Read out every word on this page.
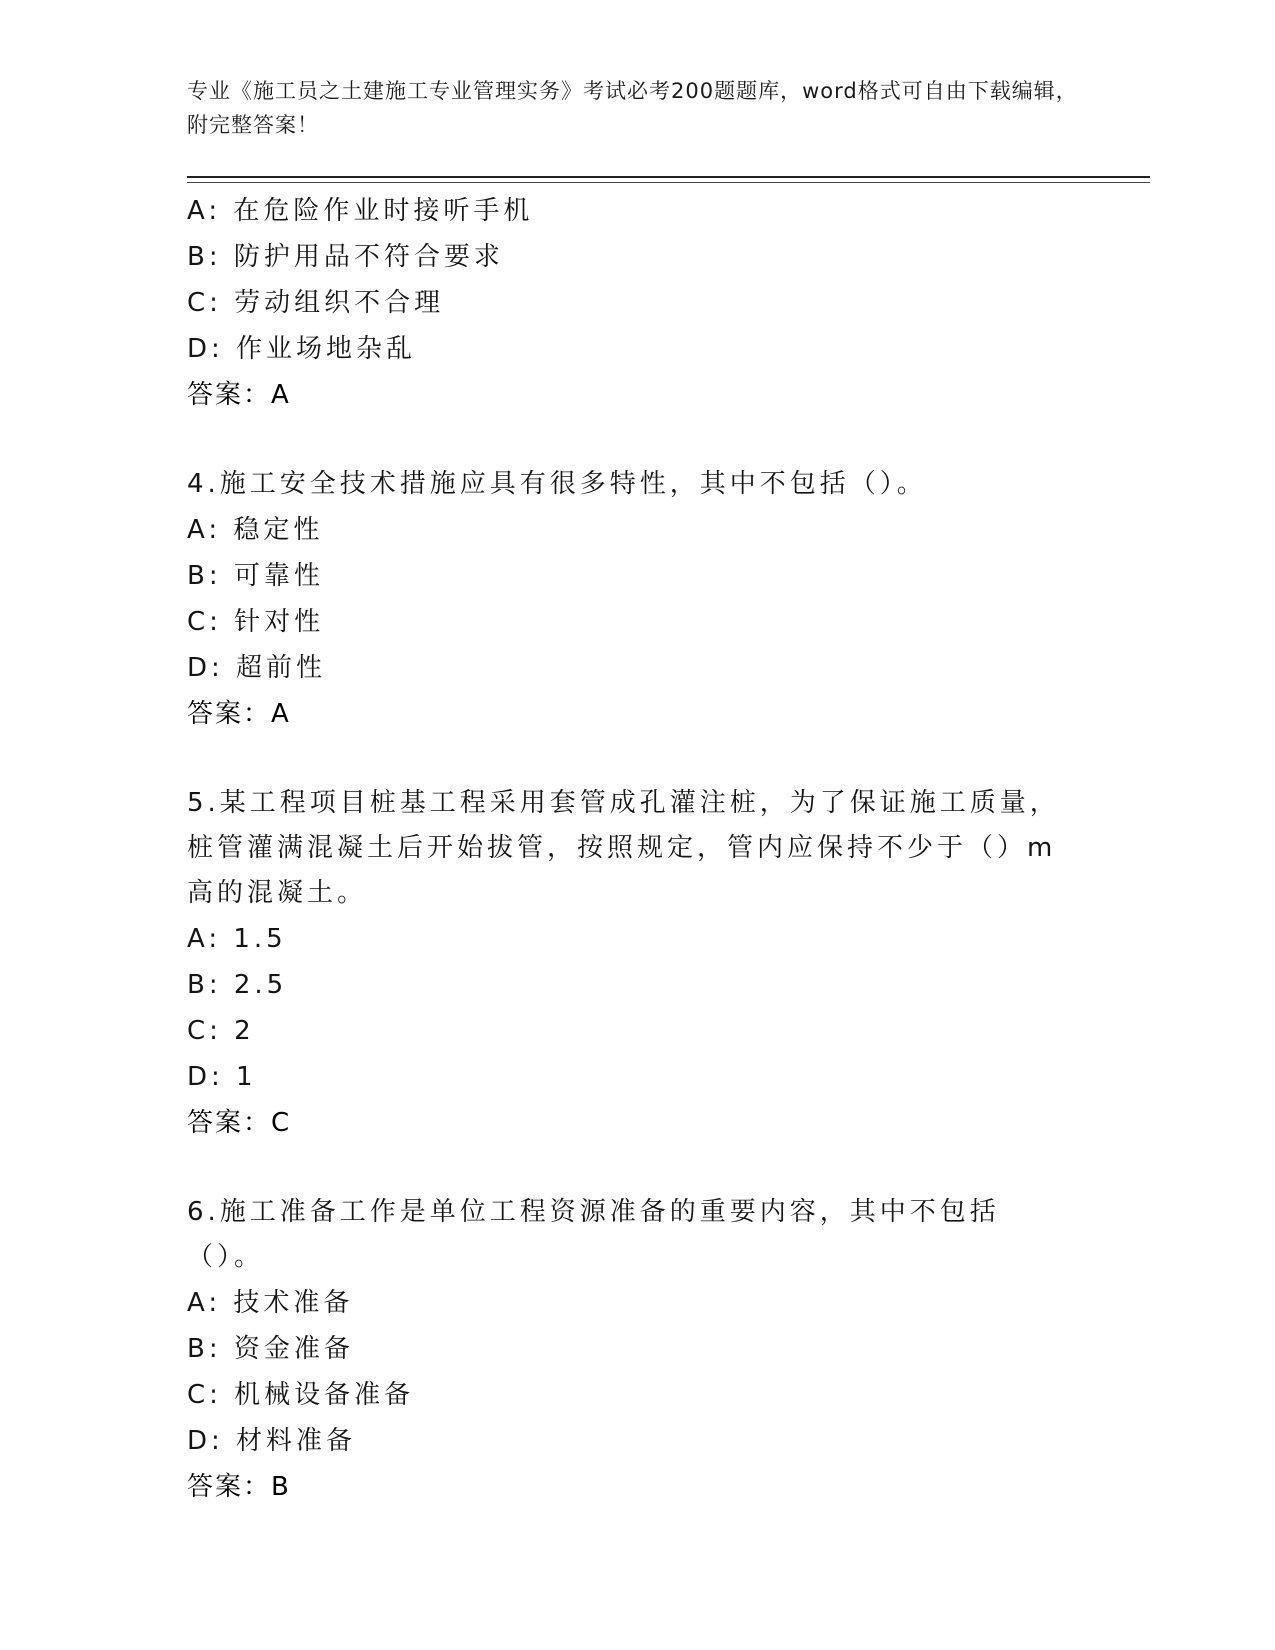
专业《施工员之土建施工专业管理实务》考试必考200题题库，word格式可自由下载编辑，附完整答案！
A: 在危险作业时接听手机
B: 防护用品不符合要求
C: 劳动组织不合理
D: 作业场地杂乱
答案：A
4.施工安全技术措施应具有很多特性，其中不包括（）。
A: 稳定性
B: 可靠性
C: 针对性
D: 超前性
答案：A
5.某工程项目桩基工程采用套管成孔灌注桩，为了保证施工质量，桩管灌满混凝土后开始拔管，按照规定，管内应保持不少于（）m高的混凝土。
A: 1.5
B: 2.5
C: 2
D: 1
答案：C
6.施工准备工作是单位工程资源准备的重要内容，其中不包括（）。
A: 技术准备
B: 资金准备
C: 机械设备准备
D: 材料准备
答案：B
